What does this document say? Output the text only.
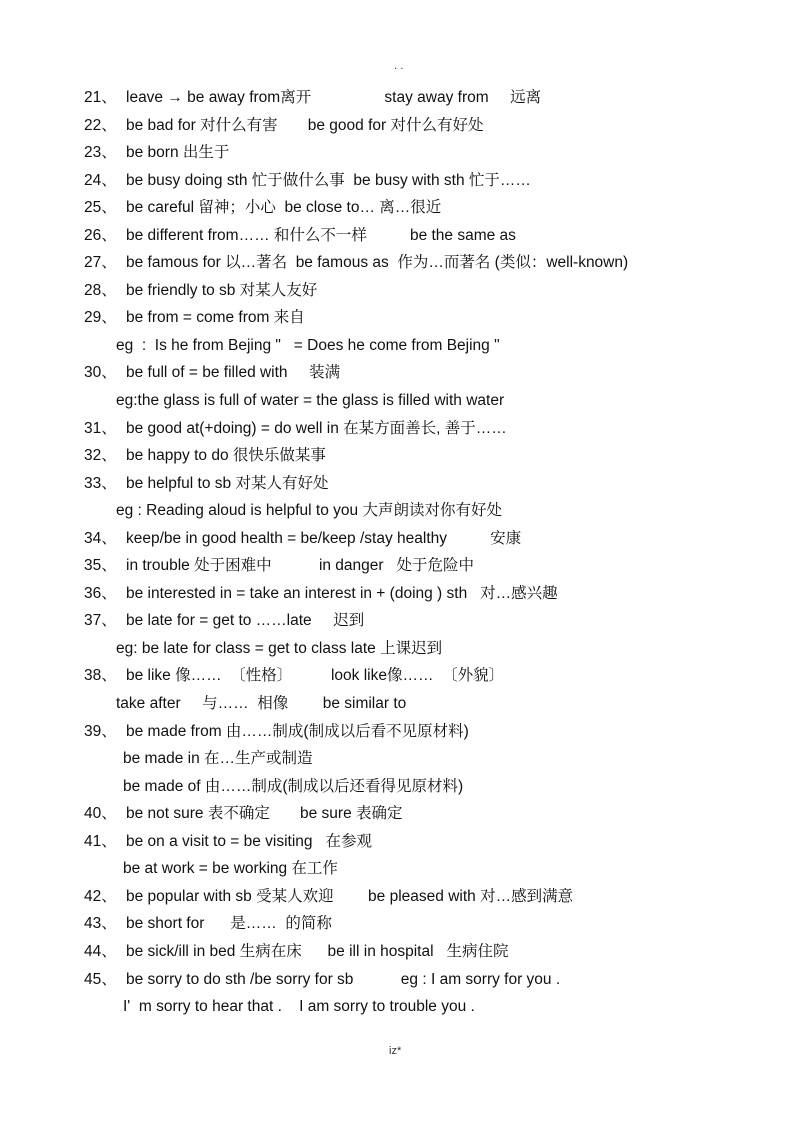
. .
21、 leave → be away from离开                 stay away from     远离
22、 be bad for 对什么有害       be good for 对什么有好处
23、 be born 出生于
24、 be busy doing sth 忙于做什么事  be busy with sth 忙于……
25、 be careful 留神；小心  be close to… 离…很近
26、 be different from…… 和什么不一样          be the same as
27、 be famous for 以…著名  be famous as  作为…而著名 (类似：well-known)
28、 be friendly to sb 对某人友好
29、 be from = come from 来自
eg  :  Is he from Bejing "   = Does he come from Bejing "
30、 be full of = be filled with     装满
eg:the glass is full of water = the glass is filled with water
31、 be good at(+doing) = do well in 在某方面善长, 善于……
32、 be happy to do 很快乐做某事
33、 be helpful to sb 对某人有好处
eg : Reading aloud is helpful to you 大声朗读对你有好处
34、 keep/be in good health = be/keep /stay healthy          安康
35、 in trouble 处于困难中           in danger   处于危险中
36、 be interested in = take an interest in + (doing ) sth   对…感兴趣
37、 be late for = get to ……late     迟到
eg: be late for class = get to class late 上课迟到
38、 be like 像……  〔性格〕         look like像……  〔外貌〕
take after     与……  相像        be similar to
39、 be made from 由……制成(制成以后看不见原材料)
be made in 在…生产或制造
be made of 由……制成(制成以后还看得见原材料)
40、 be not sure 表不确定       be sure 表确定
41、 be on a visit to = be visiting   在参观
be at work = be working 在工作
42、 be popular with sb 受某人欢迎        be pleased with 对…感到满意
43、 be short for      是……  的简称
44、 be sick/ill in bed 生病在床      be ill in hospital   生病住院
45、 be sorry to do sth /be sorry for sb           eg : I am sorry for you .
I'  m sorry to hear that .    I am sorry to trouble you .
iz*
